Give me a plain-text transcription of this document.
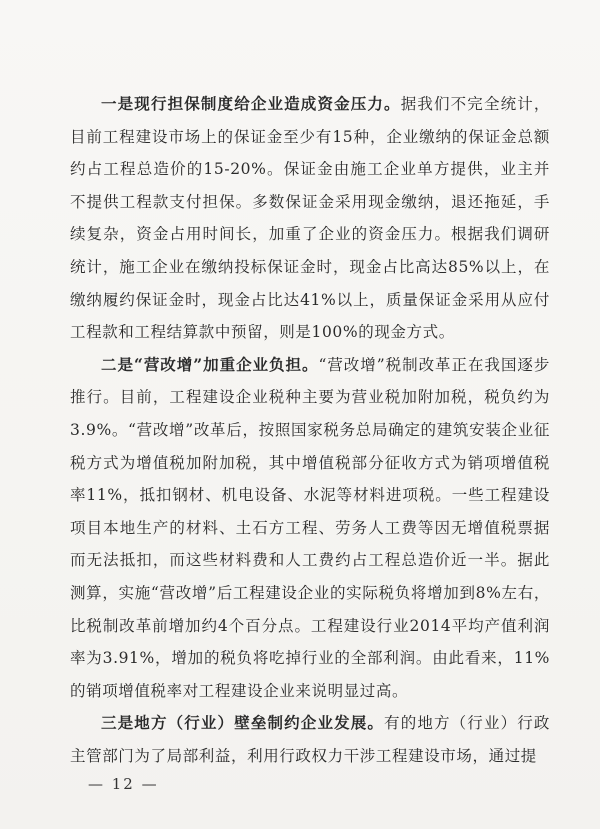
一是现行担保制度给企业造成资金压力。据我们不完全统计，目前工程建设市场上的保证金至少有15种，企业缴纳的保证金总额约占工程总造价的15-20%。保证金由施工企业单方提供，业主并不提供工程款支付担保。多数保证金采用现金缴纳，退还拖延，手续复杂，资金占用时间长，加重了企业的资金压力。根据我们调研统计，施工企业在缴纳投标保证金时，现金占比高达85%以上，在缴纳履约保证金时，现金占比达41%以上，质量保证金采用从应付工程款和工程结算款中预留，则是100%的现金方式。

二是“营改增”加重企业负担。“营改增”税制改革正在我国逐步推行。目前，工程建设企业税种主要为营业税加附加税，税负约为3.9%。“营改增”改革后，按照国家税务总局确定的建筑安装企业征税方式为增值税加附加税，其中增值税部分征收方式为销项增值税率11%，抵扣钢材、机电设备、水泥等材料进项税。一些工程建设项目本地生产的材料、土石方工程、劳务人工费等因无增值税票据而无法抵扣，而这些材料费和人工费约占工程总造价近一半。据此测算，实施“营改增”后工程建设企业的实际税负将增加到8%左右，比税制改革前增加约4个百分点。工程建设行业2014平均产值利润率为3.91%，增加的税负将吃掉行业的全部利润。由此看来，11%的销项增值税率对工程建设企业来说明显过高。

三是地方（行业）壁垒制约企业发展。有的地方（行业）行政主管部门为了局部利益，利用行政权力干涉工程建设市场，通过提

— 12 —
